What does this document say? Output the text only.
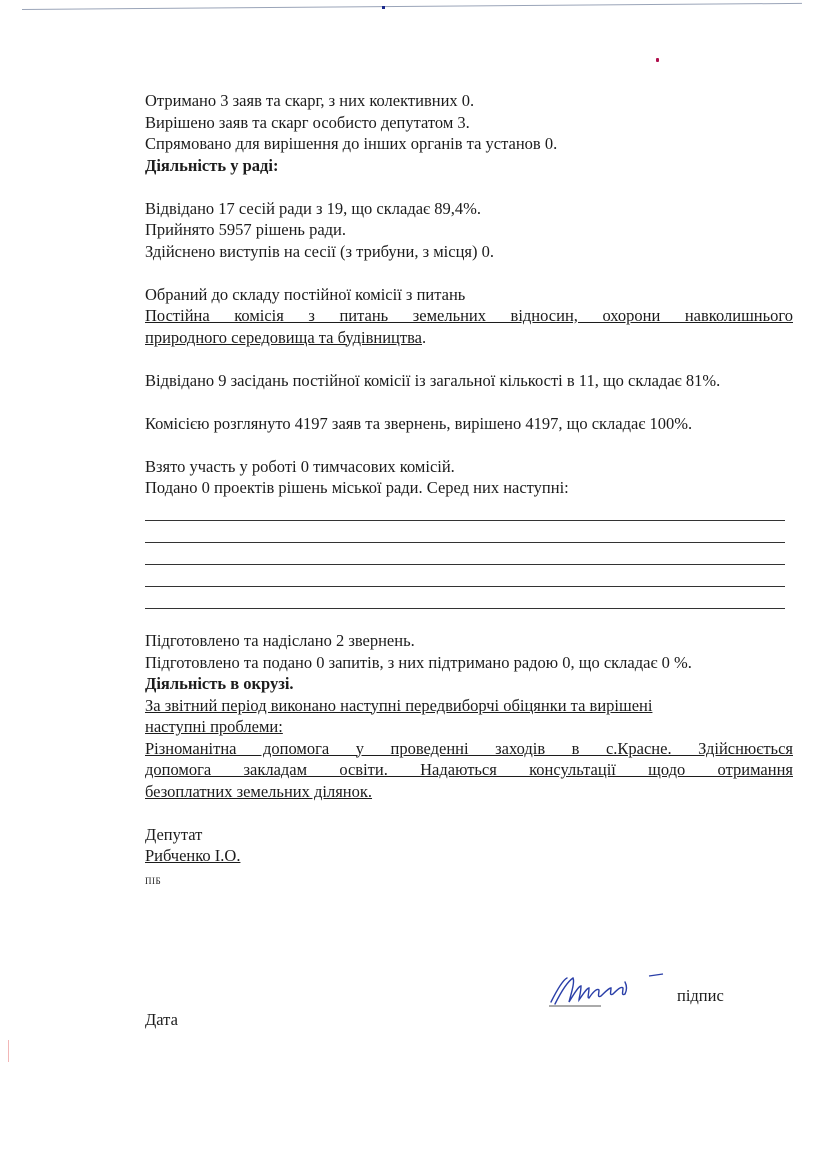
Отримано 3 заяв та скарг, з них колективних 0.
Вирішено заяв та скарг особисто депутатом 3.
Спрямовано для вирішення до інших органів та установ 0.
Діяльність у раді:
Відвідано 17 сесій ради з 19, що складає 89,4%.
Прийнято 5957 рішень ради.
Здійснено виступів на сесії (з трибуни, з місця) 0.
Обраний до складу постійної комісії з питань
Постійна комісія з питань земельних відносин, охорони навколишнього
природного середовища та будівництва.
Відвідано 9 засідань постійної комісії із загальної кількості в 11, що складає 81%.
Комісією розглянуто 4197 заяв та звернень, вирішено 4197, що складає 100%.
Взято участь у роботі 0 тимчасових комісій.
Подано 0 проектів рішень міської ради. Серед них наступні:
Підготовлено та надіслано 2 звернень.
Підготовлено та подано 0 запитів, з них підтримано радою 0, що складає 0 %.
Діяльність в окрузі.
За звітний період виконано наступні передвиборчі обіцянки та вирішені
наступні проблеми:
Різноманітна допомога у проведенні заходів в с.Красне. Здійснюється
допомога закладам освіти. Надаються консультації щодо отримання
безоплатних земельних ділянок.
Депутат
Рибченко І.О.
ПІБ
підпис
Дата
